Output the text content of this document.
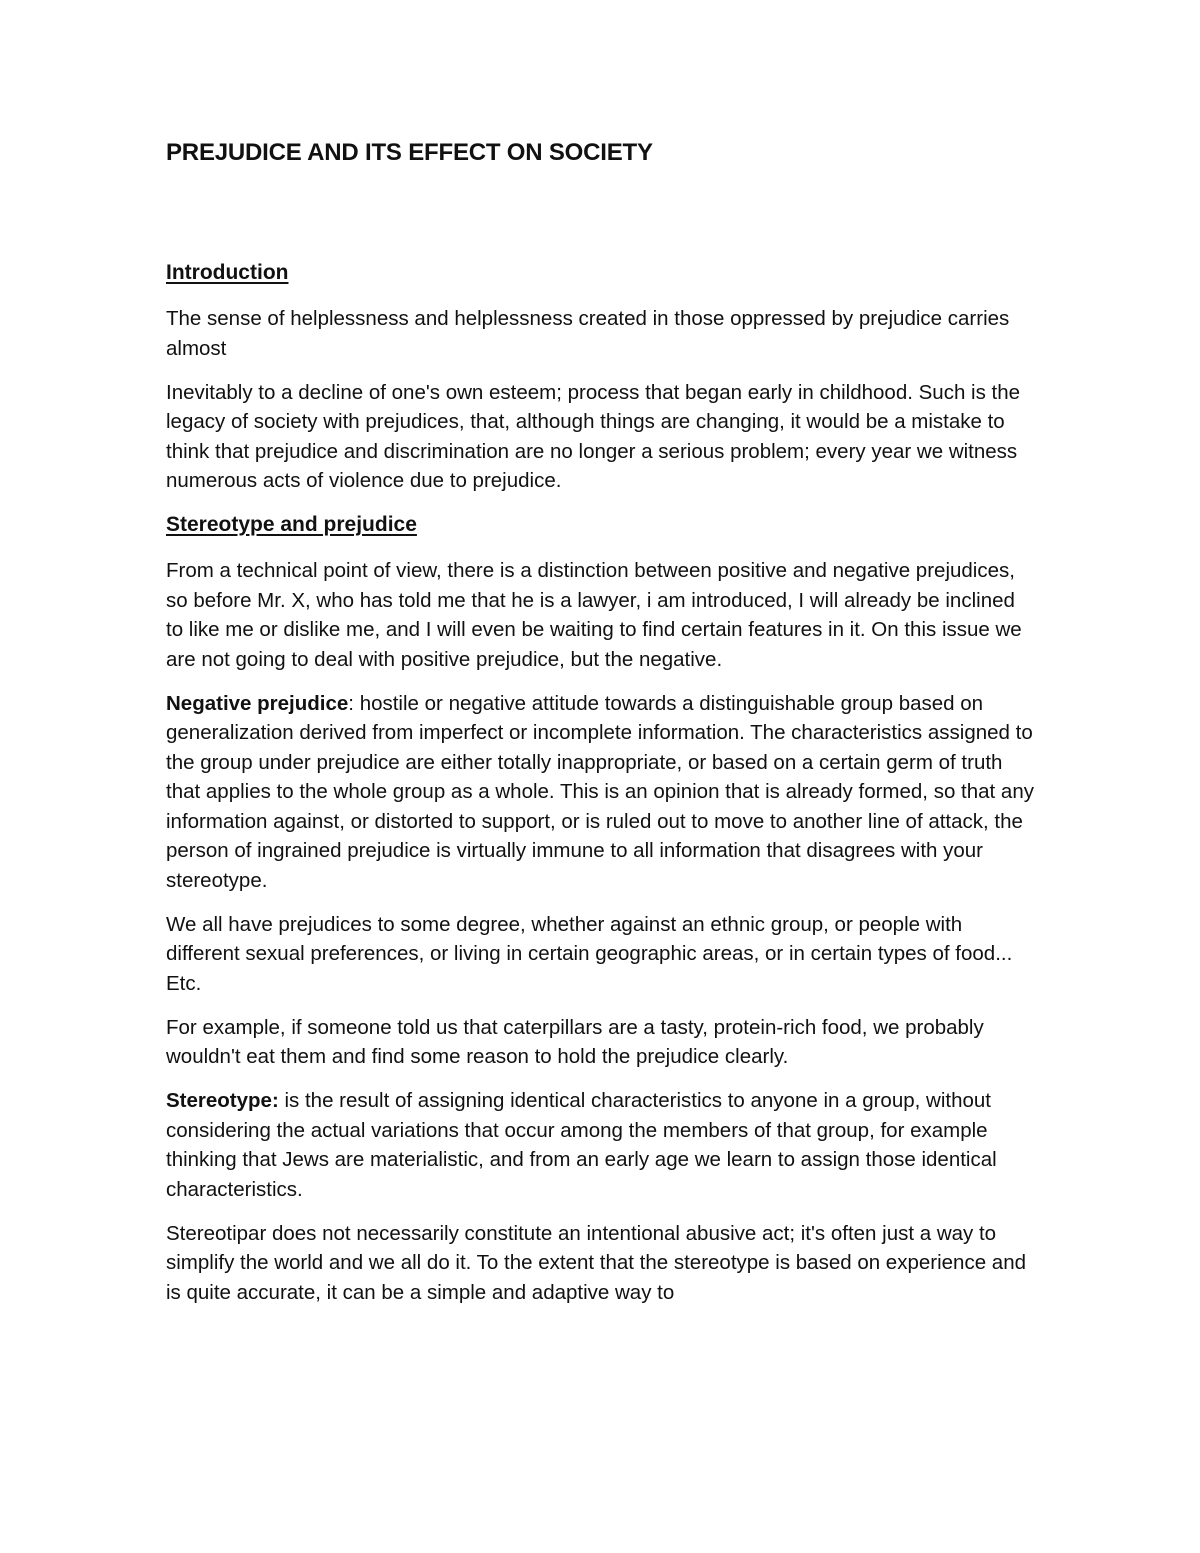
PREJUDICE AND ITS EFFECT ON SOCIETY
Introduction

The sense of helplessness and helplessness created in those oppressed by prejudice carries almost

Inevitably to a decline of one's own esteem; process that began early in childhood. Such is the legacy of society with prejudices, that, although things are changing, it would be a mistake to think that prejudice and discrimination are no longer a serious problem; every year we witness numerous acts of violence due to prejudice.

Stereotype and prejudice

From a technical point of view, there is a distinction between positive and negative prejudices, so before Mr. X, who has told me that he is a lawyer, i am introduced, I will already be inclined to like me or dislike me, and I will even be waiting to find certain features in it. On this issue we are not going to deal with positive prejudice, but the negative.

Negative prejudice: hostile or negative attitude towards a distinguishable group based on generalization derived from imperfect or incomplete information. The characteristics assigned to the group under prejudice are either totally inappropriate, or based on a certain germ of truth that applies to the whole group as a whole. This is an opinion that is already formed, so that any information against, or distorted to support, or is ruled out to move to another line of attack, the person of ingrained prejudice is virtually immune to all information that disagrees with your stereotype.

We all have prejudices to some degree, whether against an ethnic group, or people with different sexual preferences, or living in certain geographic areas, or in certain types of food... Etc.

For example, if someone told us that caterpillars are a tasty, protein-rich food, we probably wouldn't eat them and find some reason to hold the prejudice clearly.

Stereotype: is the result of assigning identical characteristics to anyone in a group, without considering the actual variations that occur among the members of that group, for example thinking that Jews are materialistic, and from an early age we learn to assign those identical characteristics.

Stereotipar does not necessarily constitute an intentional abusive act; it's often just a way to simplify the world and we all do it. To the extent that the stereotype is based on experience and is quite accurate, it can be a simple and adaptive way to
